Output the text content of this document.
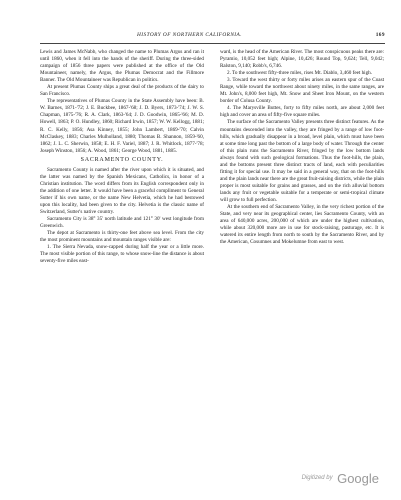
HISTORY OF NORTHERN CALIFORNIA.	169

Lewis and James McNabb, who changed the name to Plumas Argus and ran it until 1860, when it fell into the hands of the sheriff. During the three-sided campaign of 1856 three papers were published at the office of the Old Mountaineer, namely, the Argus, the Plumas Democrat and the Fillmore Banner. The Old Mountaineer was Republican in politics.

At present Plumas County ships a great deal of the products of the dairy to San Francisco.

The representatives of Plumas County in the State Assembly have been: B. W. Barnes, 1871-'72; J. E. Buckbee, 1867-'68; J. D. Byers, 1873-'74; J. W. S. Chapman, 1875-'76; R. A. Clark, 1863-'64; J. D. Goodwin, 1865-'66; M. D. Howell, 1863; P. O. Hundley, 1860; Richard Irwin, 1857; W. W. Kellogg, 1881; R. C. Kelly, 1856; Asa Kinney, 1855; John Lambert, 1869-'70; Calvin McClaskey, 1883; Charles Mulholland, 1880; Thomas B. Shannon, 1859-'60, 1862; J. L. C. Sherwin, 1858; E. H. F. Variel, 1887; J. R. Whitlock, 1877-'78; Joseph Winston, 1856; A. Wood, 1861; George Wood, 1881, 1885.

SACRAMENTO COUNTY.

Sacramento County is named after the river upon which it is situated, and the latter was named by the Spanish Mexicans, Catholics, in honor of a Christian institution. The word differs from its English correspondent only in the addition of one letter. It would have been a graceful compliment to General Sutter if his own name, or the name New Helvetia, which he had bestowed upon this locality, had been given to the city. Helvetia is the classic name of Switzerland, Sutter's native country.

Sacramento City is 38° 35' north latitude and 121° 30' west longitude from Greenwich.

The depot at Sacramento is thirty-one feet above sea level. From the city the most prominent mountains and mountain ranges visible are:

1. The Sierra Nevada, snow-capped during half the year or a little more. The most visible portion of this range, to whose snow-line the distance is about seventy-five miles east-

ward, is the head of the American River. The most conspicuous peaks there are: Pyramio, 10,052 feet high; Alpine, 10,426; Round Top, 9,624; Tell, 9,042; Ralston, 9,140; Robb's, 6,746.

2. To the southwest fifty-three miles, rises Mt. Diablo, 3,460 feet high.

3. Toward the west thirty or forty miles arises an eastern spur of the Coast Range, while toward the northwest about ninety miles, in the same ranges, are Mt. John's, 8,000 feet high, Mt. Snow and Sheet Iron Mount, on the western border of Colusa County.

4. The Marysville Buttes, forty to fifty miles north, are about 2,000 feet high and cover an area of fifty-five square miles.

The surface of the Sacramento Valley presents three distinct features. As the mountains descended into the valley, they are fringed by a range of low foot-hills, which gradually disappear in a broad, level plain, which must have been at some time long past the bottom of a large body of water. Through the center of this plain runs the Sacramento River, fringed by the low bottom lands always found with such geological formations. Thus the foot-hills, the plain, and the bottoms present three distinct tracts of land, each with peculiarities fitting it for special use. It may be said in a general way, that on the foot-hills and the plain lands near there are the great fruit-raising districts, while the plain proper is most suitable for grains and grasses, and on the rich alluvial bottom lands any fruit or vegetable suitable for a temperate or semi-tropical climate will grow to full perfection.

At the southern end of Sacramento Valley, in the very richest portion of the State, and very near its geographical center, lies Sacramento County, with an area of 640,000 acres, 200,000 of which are under the highest cultivation, while about 320,000 more are in use for stock-raising, pasturage, etc. It is watered its entire length from north to south by the Sacramento River, and by the American, Cosumnes and Mokelumne from east to west.

$^{Digitized by}$ Google
